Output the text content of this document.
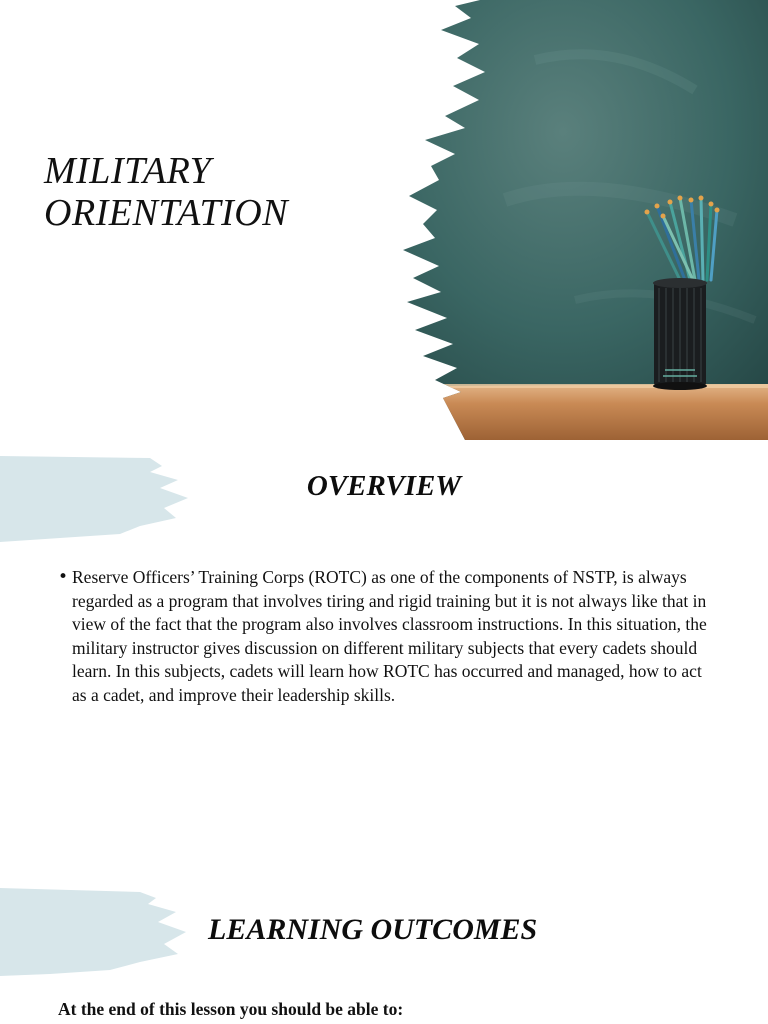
MILITARY
ORIENTATION
OVERVIEW
• Reserve Officers’ Training Corps (ROTC) as one of the components of NSTP, is always regarded as a program that involves tiring and rigid training but it is not always like that in view of the fact that the program also involves classroom instructions. In this situation, the military instructor gives discussion on different military subjects that every cadets should learn. In this subjects, cadets will learn how ROTC has occurred and managed, how to act as a cadet, and improve their leadership skills.
LEARNING OUTCOMES
At the end of this lesson you should be able to:
